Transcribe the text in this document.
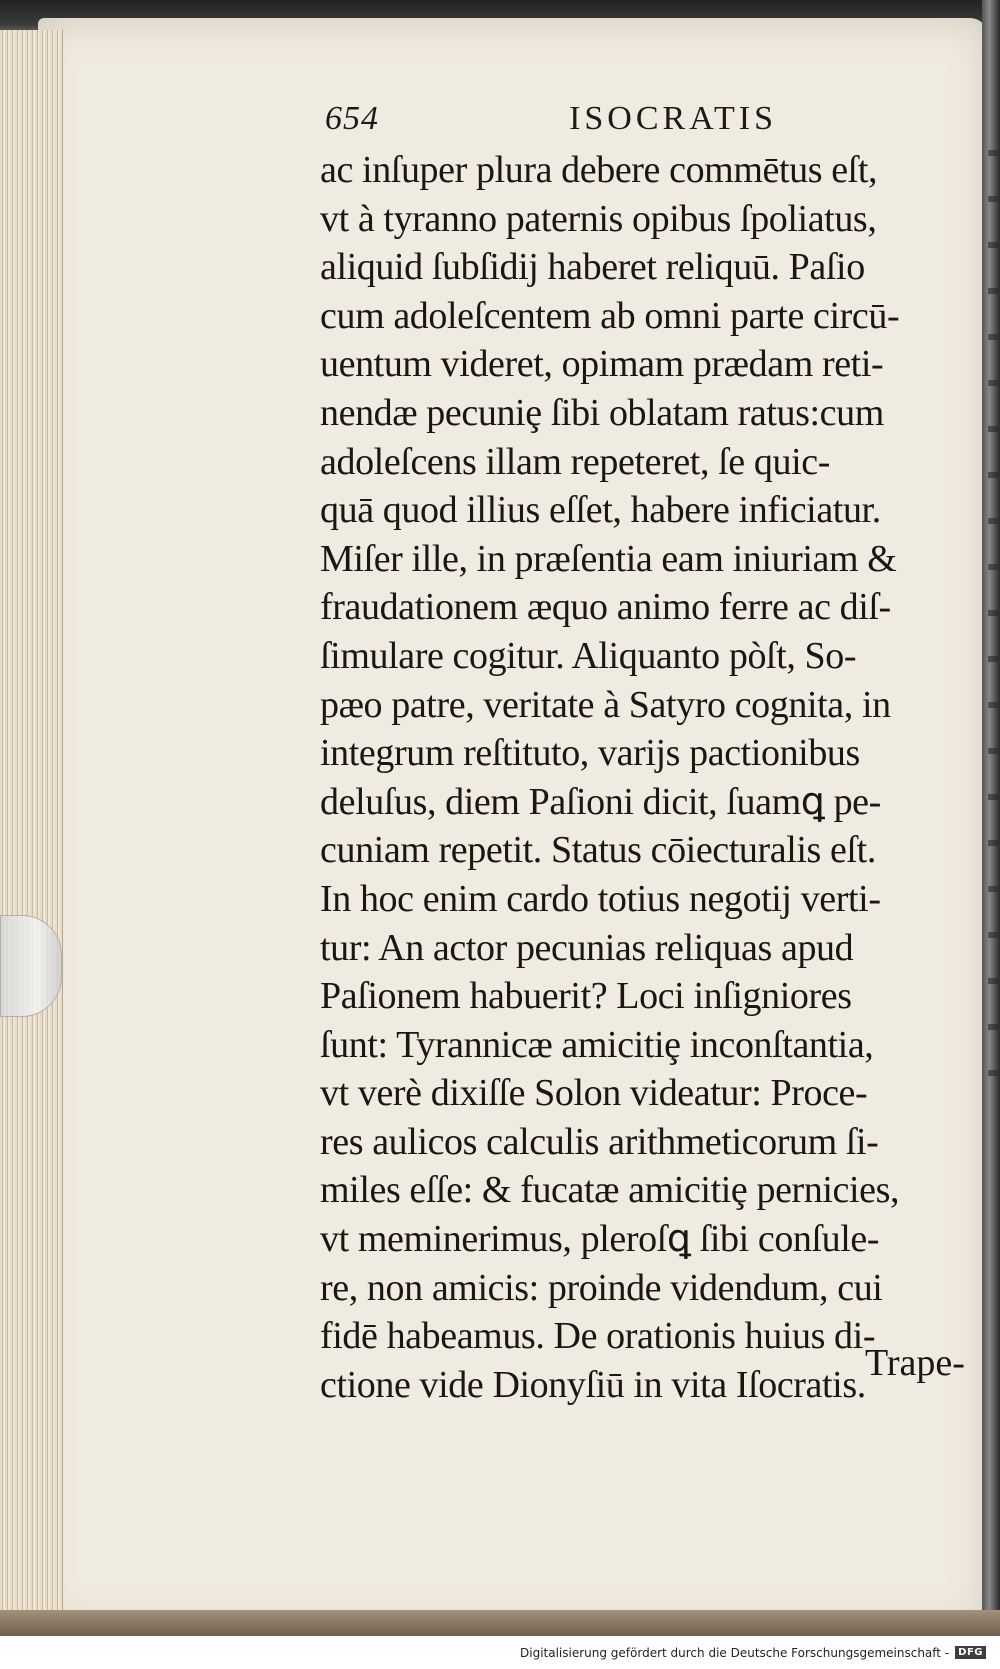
654	ISOCRATIS
ac inſuper plura debere commētus eſt,
vt à tyranno paternis opibus ſpoliatus,
aliquid ſubſidij haberet reliquū. Paſio
cum adoleſcentem ab omni parte circū-
uentum videret, opimam prædam reti-
nendæ pecuniȩ ſibi oblatam ratus:cum
adoleſcens illam repeteret, ſe quic-
quā quod illius eſſet, habere inficiatur.
Miſer ille, in præſentia eam iniuriam &
fraudationem æquo animo ferre ac diſ-
ſimulare cogitur. Aliquanto pòſt, So-
pæo patre, veritate à Satyro cognita, in
integrum reſtituto, varijs pactionibus
deluſus, diem Paſioni dicit, ſuamꝗ pe-
cuniam repetit. Status cōiecturalis eſt.
In hoc enim cardo totius negotij verti-
tur: An actor pecunias reliquas apud
Paſionem habuerit? Loci inſigniores
ſunt: Tyrannicæ amicitiȩ inconſtantia,
vt verè dixiſſe Solon videatur: Proce-
res aulicos calculis arithmeticorum ſi-
miles eſſe: & fucatæ amicitiȩ pernicies,
vt meminerimus, pleroſꝗ ſibi conſule-
re, non amicis: proinde videndum, cui
fidē habeamus. De orationis huius di-
ctione vide Dionyſiū in vita Iſocratis.
Trape-
Digitalisierung gefördert durch die Deutsche Forschungsgemeinschaft - DFG
